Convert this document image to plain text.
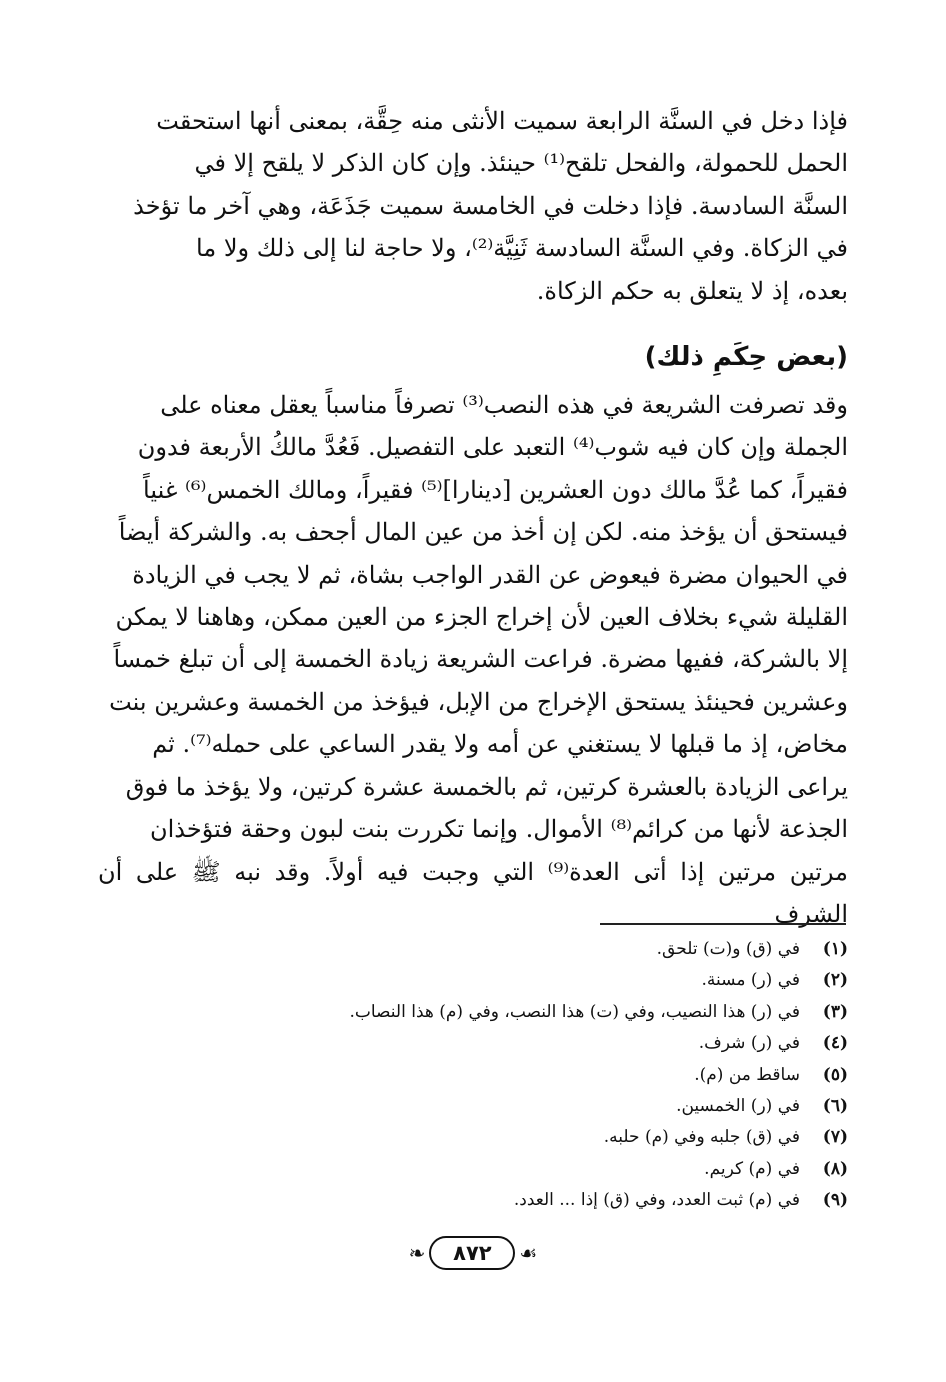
فإذا دخل في السنَّة الرابعة سميت الأنثى منه حِقَّة، بمعنى أنها استحقت
الحمل للحمولة، والفحل تلقح⁽¹⁾ حينئذ. وإن كان الذكر لا يلقح إلا في
السنَّة السادسة. فإذا دخلت في الخامسة سميت جَذَعَة، وهي آخر ما تؤخذ
في الزكاة. وفي السنَّة السادسة ثَنِيَّة⁽²⁾، ولا حاجة لنا إلى ذلك ولا ما
بعده، إذ لا يتعلق به حكم الزكاة.

(بعض حِكَمِ ذلك)

وقد تصرفت الشريعة في هذه النصب⁽³⁾ تصرفاً مناسباً يعقل معناه على
الجملة وإن كان فيه شوب⁽⁴⁾ التعبد على التفصيل. فَعُدَّ مالكُ الأربعة فدون
فقيراً، كما عُدَّ مالك دون العشرين [دينارا]⁽⁵⁾ فقيراً، ومالك الخمس⁽⁶⁾ غنياً
فيستحق أن يؤخذ منه. لكن إن أخذ من عين المال أجحف به. والشركة أيضاً
في الحيوان مضرة فيعوض عن القدر الواجب بشاة، ثم لا يجب في الزيادة
القليلة شيء بخلاف العين لأن إخراج الجزء من العين ممكن، وهاهنا لا يمكن
إلا بالشركة، ففيها مضرة. فراعت الشريعة زيادة الخمسة إلى أن تبلغ خمساً
وعشرين فحينئذ يستحق الإخراج من الإبل، فيؤخذ من الخمسة وعشرين بنت
مخاض، إذ ما قبلها لا يستغني عن أمه ولا يقدر الساعي على حمله⁽⁷⁾. ثم
يراعى الزيادة بالعشرة كرتين، ثم بالخمسة عشرة كرتين، ولا يؤخذ ما فوق
الجذعة لأنها من كرائم⁽⁸⁾ الأموال. وإنما تكررت بنت لبون وحقة فتؤخذان
مرتين مرتين إذا أتى العدة⁽⁹⁾ التي وجبت فيه أولاً. وقد نبه ﷺ على أن الشرف

(١)
في (ق) و(ت) تلحق.
(٢)
في (ر) مسنة.
(٣)
في (ر) هذا النصيب، وفي (ت) هذا النصب، وفي (م) هذا النصاب.
(٤)
في (ر) شرف.
(٥)
ساقط من (م).
(٦)
في (ر) الخمسين.
(٧)
في (ق) جلبه وفي (م) حلبه.
(٨)
في (م) كريم.
(٩)
في (م) ثبت العدد، وفي (ق) إذا ... العدد.
❧	٨٧٢	☙
